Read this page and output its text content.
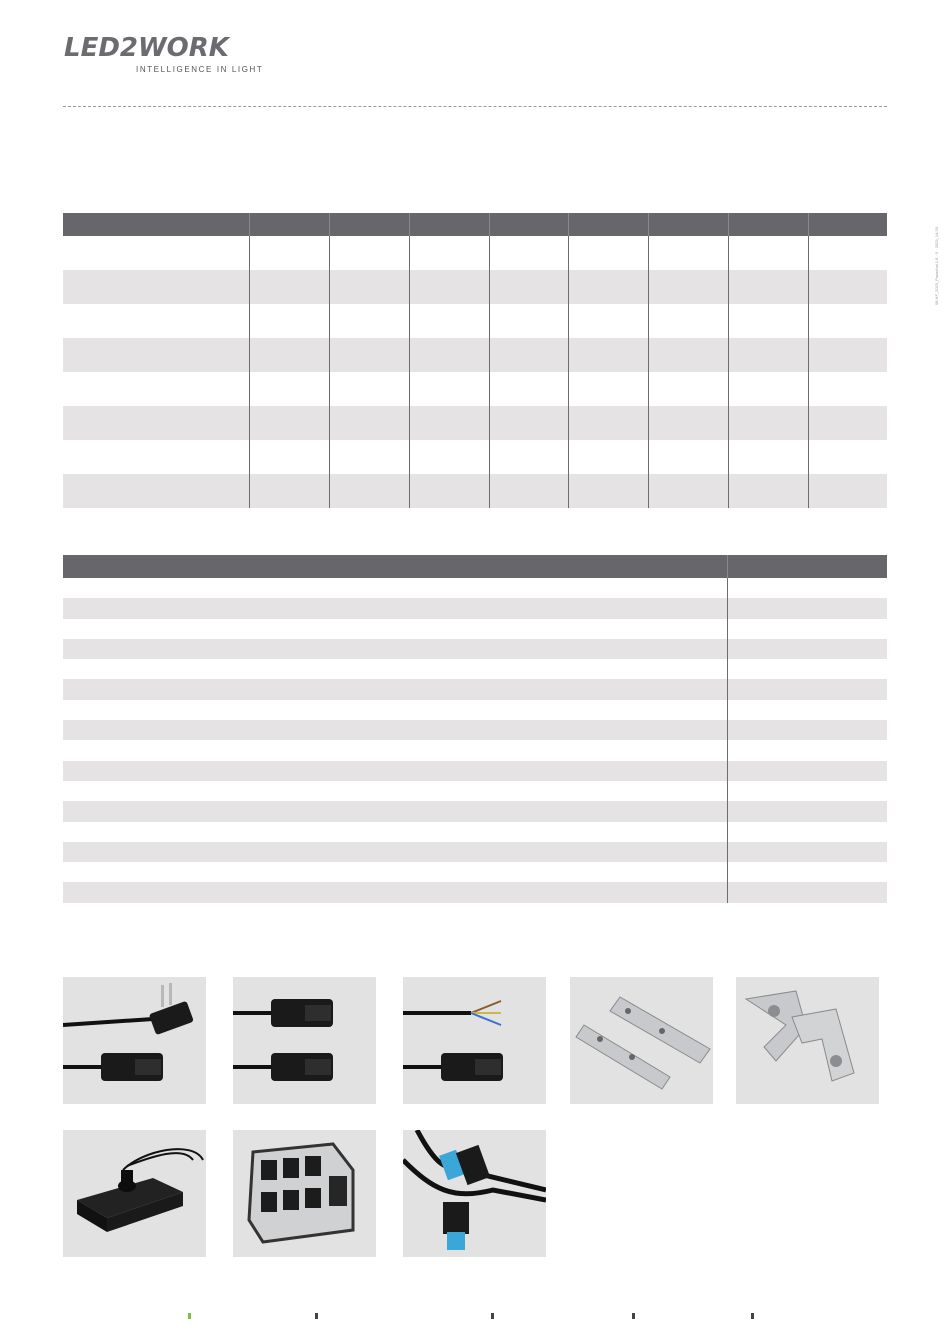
LED2WORK
INTELLIGENCE IN LIGHT
08 HF_2023_Pauschal 1.8 · 5 · 2023_14:33
